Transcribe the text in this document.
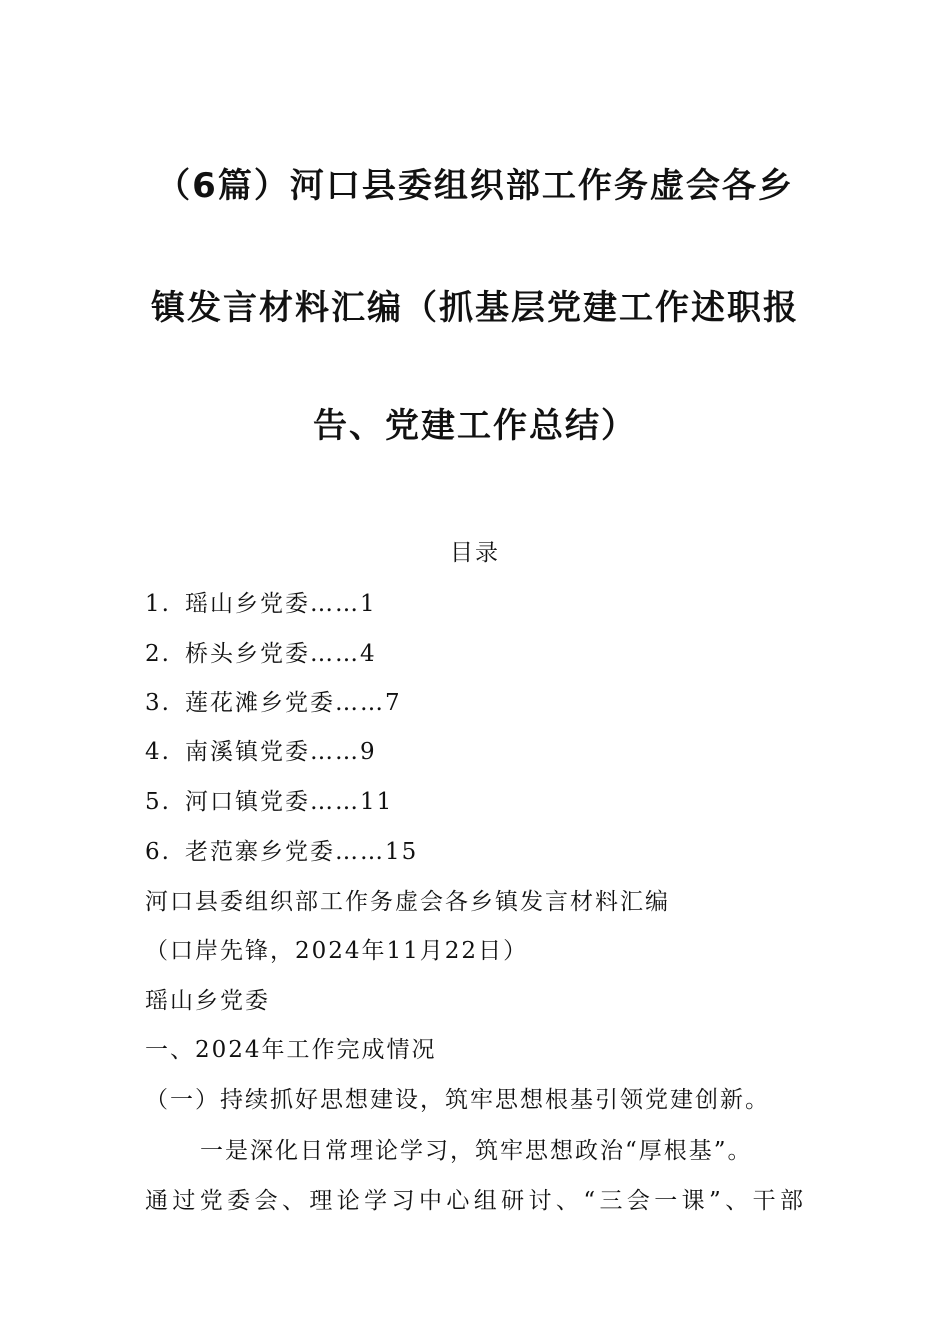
（6篇）河口县委组织部工作务虚会各乡
镇发言材料汇编（抓基层党建工作述职报
告、党建工作总结）
目录
1. 瑶山乡党委……1
2. 桥头乡党委……4
3. 莲花滩乡党委……7
4. 南溪镇党委……9
5. 河口镇党委……11
6. 老范寨乡党委……15
河口县委组织部工作务虚会各乡镇发言材料汇编
（口岸先锋，2024年11月22日）
瑶山乡党委
一、2024年工作完成情况
（一）持续抓好思想建设，筑牢思想根基引领党建创新。
一是深化日常理论学习，筑牢思想政治“厚根基”。
通过党委会、理论学习中心组研讨、“三会一课”、干部
